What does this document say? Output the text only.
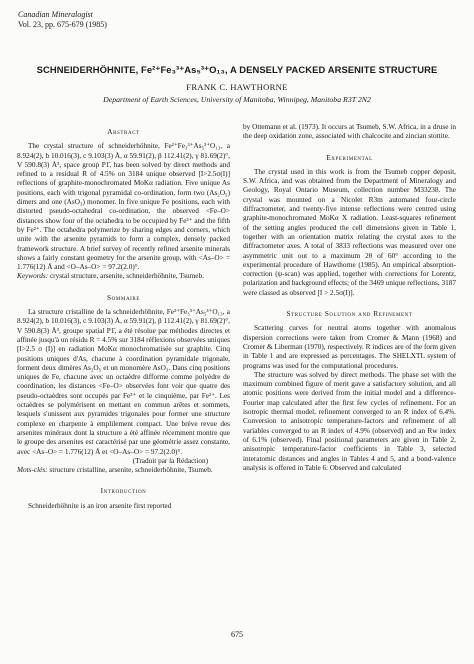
Canadian Mineralogist
Vol. 23, pp. 675-679 (1985)
SCHNEIDERHÖHNITE, Fe²⁺Fe₃³⁺As₅³⁺O₁₃, A DENSELY PACKED ARSENITE STRUCTURE
FRANK C. HAWTHORNE
Department of Earth Sciences, University of Manitoba, Winnipeg, Manitoba R3T 2N2
Abstract

The crystal structure of schneiderhöhnite, Fe²⁺Fe₃³⁺As₅³⁺O₁₃, a 8.924(2), b 10.016(3), c 9.103(3) Å, α 59.91(2), β 112.41(2), γ 81.69(2)°, V 590.8(3) Å³, space group P1̄, has been solved by direct methods and refined to a residual R of 4.5% on 3184 unique observed [I>2.5σ(I)] reflections of graphite-monochromated MoKα radiation. Five unique As positions, each with trigonal pyramidal co-ordination, form two (As₂O₅) dimers and one (AsO₃) monomer. In five unique Fe positions, each with distorted pseudo-octahedral co-ordination, the observed <Fe–O> distances show four of the octahedra to be occupied by Fe³⁺ and the fifth by Fe²⁺. The octahedra polymerize by sharing edges and corners, which unite with the arsenite pyramids to form a complex, densely packed framework structure. A brief survey of recently refined arsenite minerals shows a fairly constant geometry for the arsenite group, with <As–O> = 1.776(12) Å and <O–As–O> = 97.2(2.0)°.

Keywords: crystal structure, arsenite, schneiderhöhnite, Tsumeb.

Sommaire

La structure cristalline de la schneiderhöhnite, Fe²⁺Fe₃³⁺As₅³⁺O₁₃, a 8.924(2), b 10.016(3), c 9.103(3) Å, α 59.91(2), β 112.41(2), γ 81.69(2)°, V 590.8(3) Å³, groupe spatial P1̄, a été résolue par méthodes directes et affinée jusqu'à un résidu R = 4.5% sur 3184 réflexions observées uniques [I>2.5 σ (I)] en radiation MoKα monochromatisée sur graphite. Cinq positions uniques d'As, chacune à coordination pyramidale trigonale, forment deux dimères As₂O₅ et un monomère AsO₃. Dans cinq positions uniques de Fe, chacune avec un octaèdre difforme comme polyèdre de coordination, les distances <Fe–O> observées font voir que quatre des pseudo-octaèdres sont occupés par Fe³⁺ et le cinquième, par Fe²⁺. Les octaèdres se polymérisent en mettant en commun arêtes et sommets, lesquels s'unissent aux pyramides trigonales pour former une structure complexe en charpente à emplilement compact. Une brève revue des arsenites minéraux dont la structure a été affinée récemment montre que le groupe des arsenites est caractérisé par une géométrie assez constante, avec <As–O> = 1.776(12) Å et <O–As–O> = 97.2(2.0)°.

(Traduit par la Rédaction)

Mots-clés: structure cristalline, arsenite, schneiderhöhnite, Tsumeb.

Introduction

Schneiderhöhnite is an iron arsenite first reported

by Ottemann et al. (1973). It occurs at Tsumeb, S.W. Africa, in a druse in the deep oxidation zone, associated with chalcocite and zincian stottite.

Experimental

The crystal used in this work is from the Tsumeb copper deposit, S.W. Africa, and was obtained from the Department of Mineralogy and Geology, Royal Ontario Museum, collection number M33238. The crystal was mounted on a Nicolet R3m automated four-circle diffractometer, and twenty-five intense reflections were centred using graphite-monochromated MoKα X radiation. Least-squares refinement of the setting angles produced the cell dimensions given in Table 1, together with an orientation matrix relating the crystal axes to the diffractometer axes. A total of 3833 reflections was measured over one asymmetric unit out to a maximum 2θ of 60° according to the experimental procedure of Hawthorne (1985). An empirical absorption-correction (ψ-scan) was applied, together with corrections for Lorentz, polarization and background effects; of the 3469 unique reflections, 3187 were classed as observed [I > 2.5σ(I)].

Structure Solution and Refinement

Scattering curves for neutral atoms together with anomalous dispersion corrections were taken from Cromer & Mann (1968) and Cromer & Liberman (1970), respectively. R indices are of the form given in Table 1 and are expressed as percentages. The SHELXTL system of programs was used for the computational procedures.

The structure was solved by direct methods. The phase set with the maximum combined figure of merit gave a satisfactory solution, and all atomic positions were derived from the initial model and a difference-Fourier map calculated after the first few cycles of refinement. For an isotropic thermal model, refinement converged to an R index of 6.4%. Conversion to anisotropic temperature-factors and refinement of all variables converged to an R index of 4.9% (observed) and an Rw index of 6.1% (observed). Final positional parameters are given in Table 2, anisotropic temperature-factor coefficients in Table 3, selected interatomic distances and angles in Tables 4 and 5, and a bond-valence analysis is offered in Table 6. Observed and calculated

675
